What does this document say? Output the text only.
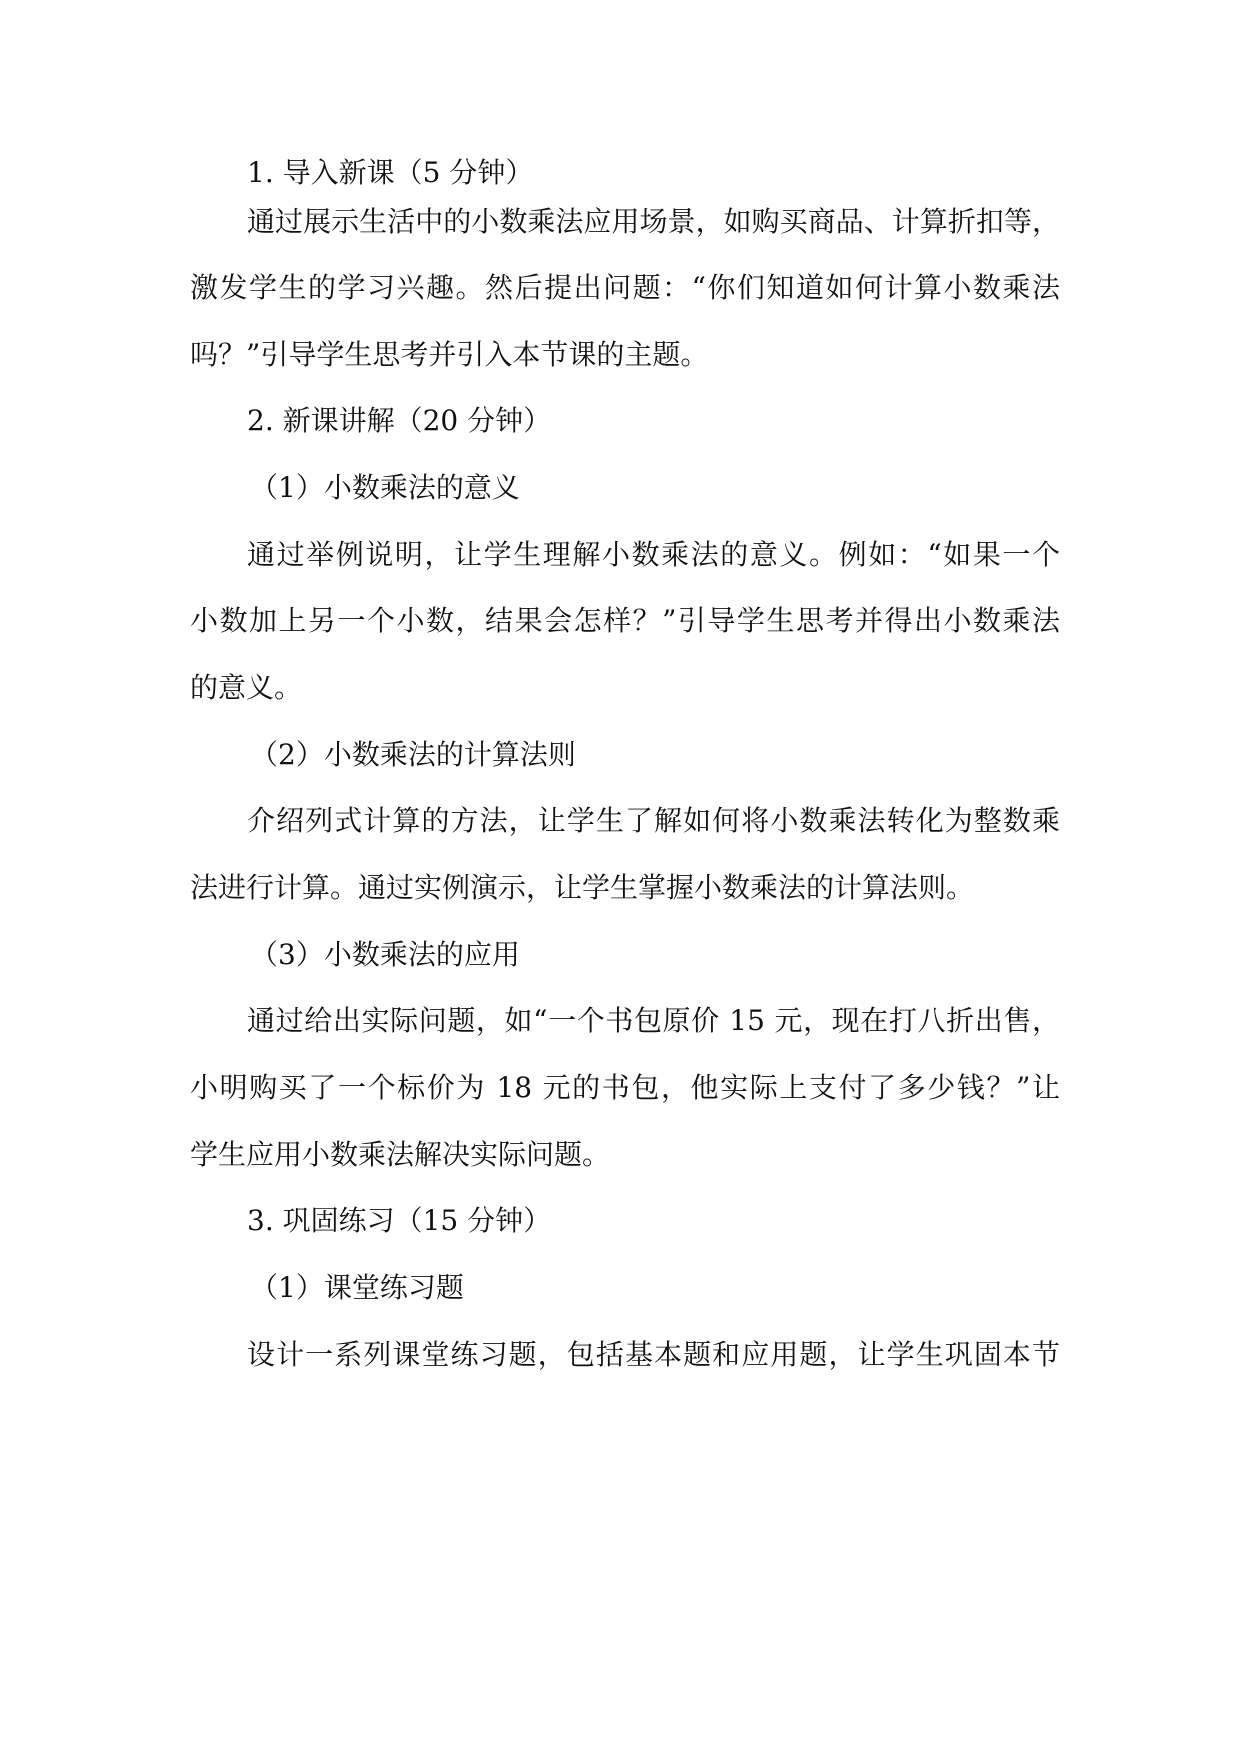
1. 导入新课（5 分钟）
通过展示生活中的小数乘法应用场景，如购买商品、计算折扣等，
激发学生的学习兴趣。然后提出问题：“你们知道如何计算小数乘法
吗？”引导学生思考并引入本节课的主题。
2. 新课讲解（20 分钟）
（1）小数乘法的意义
通过举例说明，让学生理解小数乘法的意义。例如：“如果一个
小数加上另一个小数，结果会怎样？”引导学生思考并得出小数乘法
的意义。
（2）小数乘法的计算法则
介绍列式计算的方法，让学生了解如何将小数乘法转化为整数乘
法进行计算。通过实例演示，让学生掌握小数乘法的计算法则。
（3）小数乘法的应用
通过给出实际问题，如“一个书包原价 15 元，现在打八折出售，
小明购买了一个标价为 18 元的书包，他实际上支付了多少钱？”让
学生应用小数乘法解决实际问题。
3. 巩固练习（15 分钟）
（1）课堂练习题
设计一系列课堂练习题，包括基本题和应用题，让学生巩固本节
